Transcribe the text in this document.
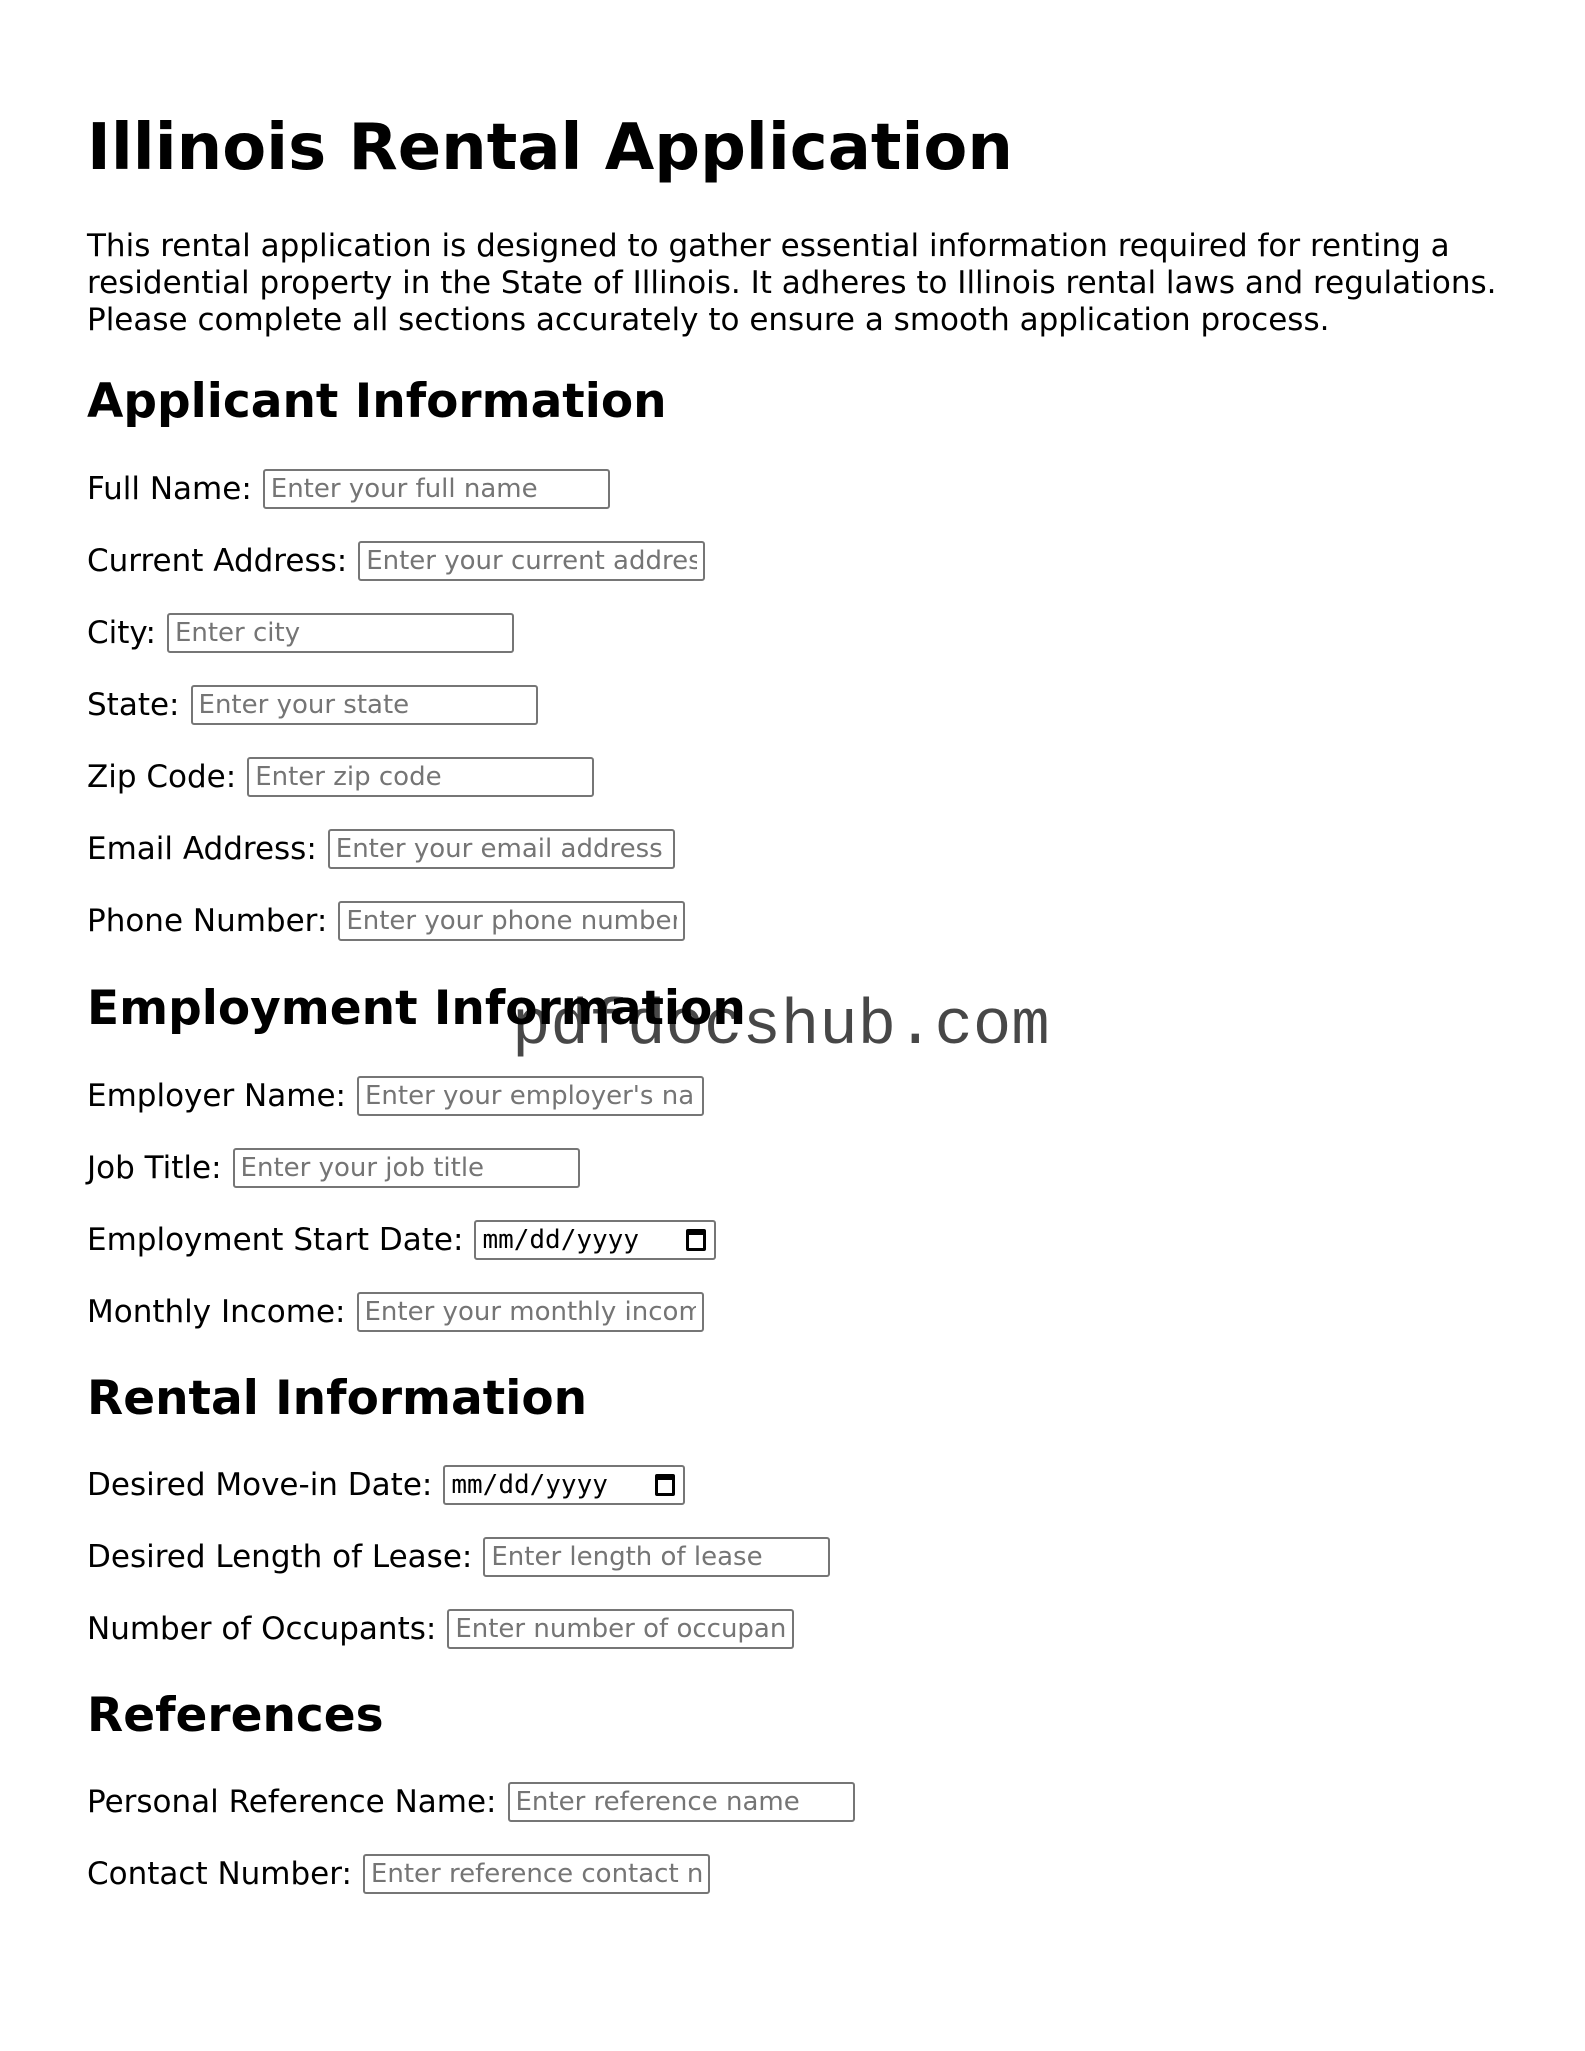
Illinois Rental Application

This rental application is designed to gather essential information required for renting a residential property in the State of Illinois. It adheres to Illinois rental laws and regulations. Please complete all sections accurately to ensure a smooth application process.

Applicant Information
Full Name:
Enter your full name
Current Address:
Enter your current address
City:
Enter city
State:
Enter your state
Zip Code:
Enter zip code
Email Address:
Enter your email address
Phone Number:
Enter your phone number
Employment Information
Employer Name:
Enter your employer's name
Job Title:
Enter your job title
Employment Start Date: mm/dd/yyyy
Monthly Income:
Enter your monthly income
Rental Information
Desired Move-in Date: mm/dd/yyyy
Desired Length of Lease:
Enter length of lease
Number of Occupants:
Enter number of occupants
References
Personal Reference Name:
Enter reference name
Contact Number:
Enter reference contact number
pdfdocshub.com
